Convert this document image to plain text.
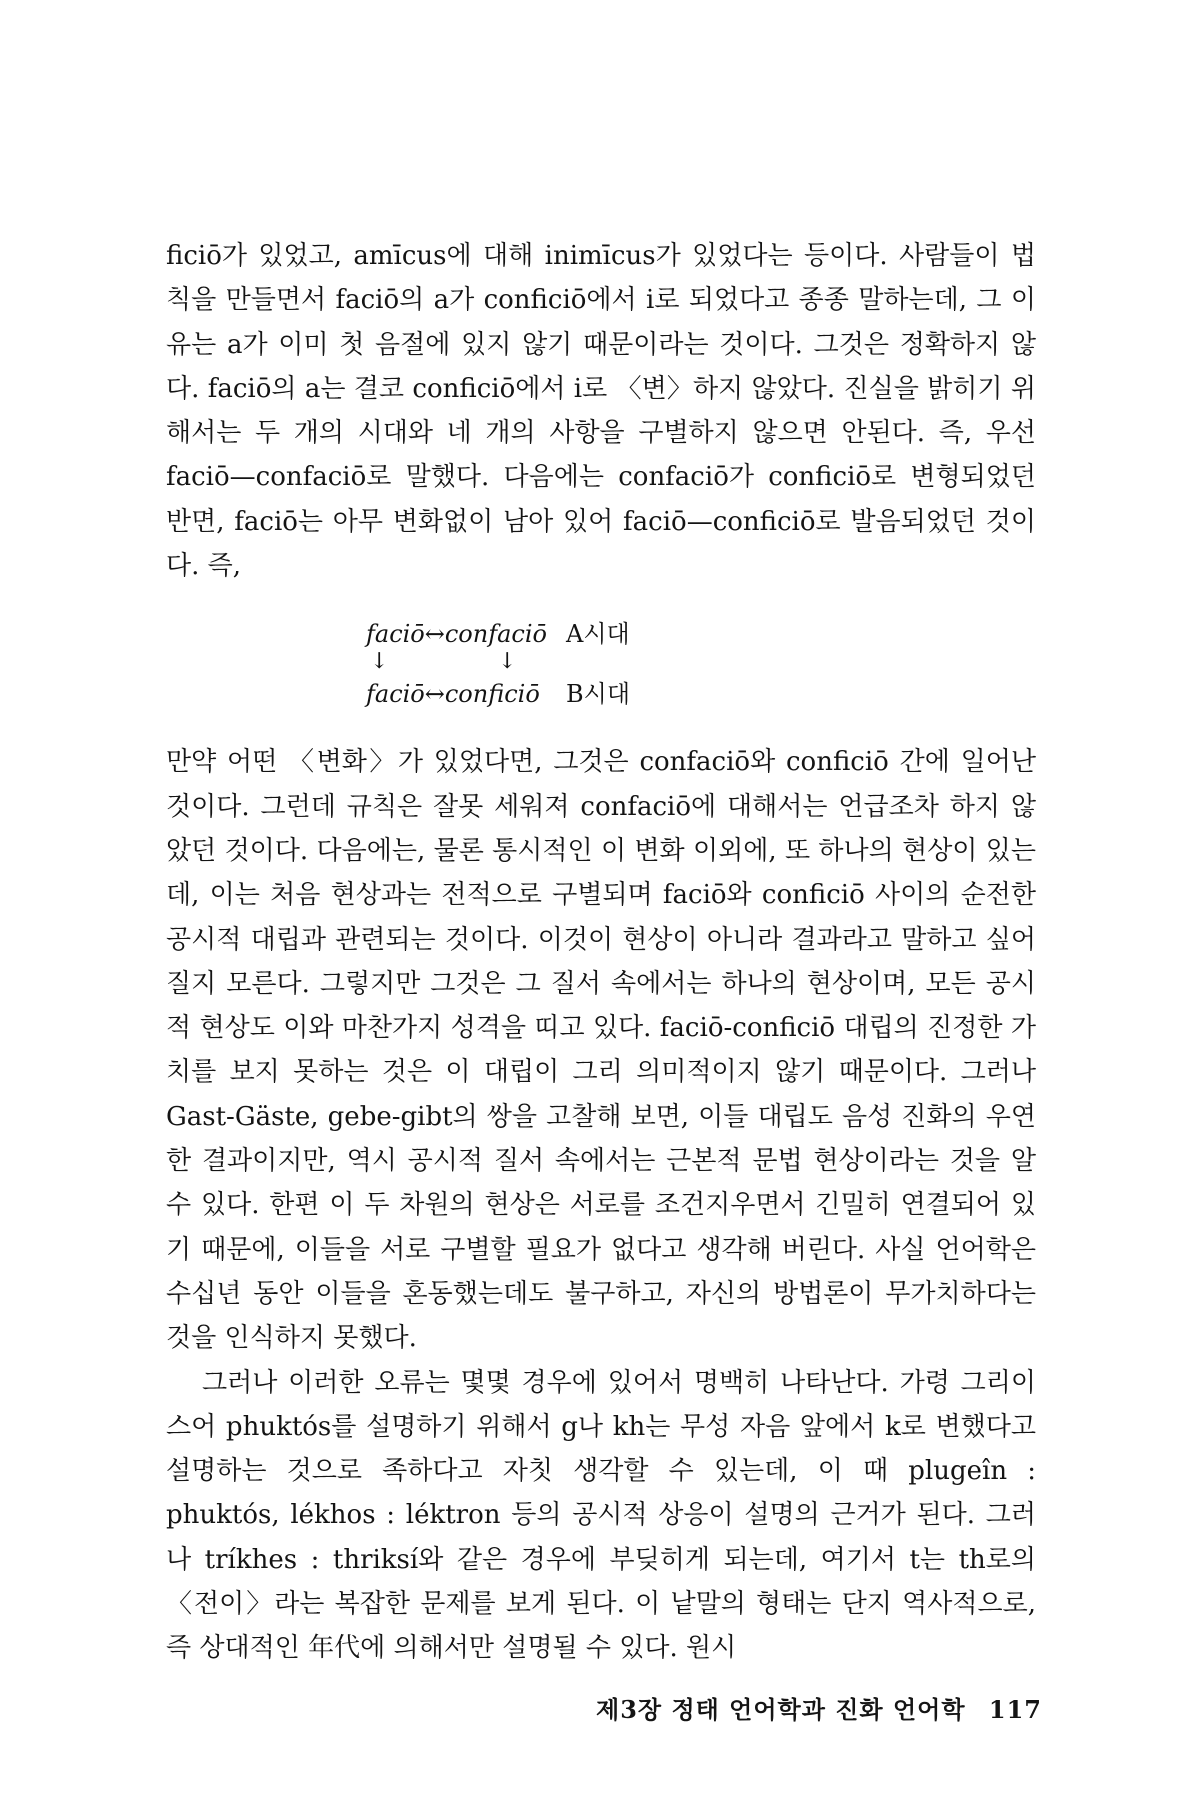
ficiō가 있었고, amīcus에 대해 inimīcus가 있었다는 등이다. 사람들이 법칙을 만들면서 faciō의 a가 conficiō에서 i로 되었다고 종종 말하는데, 그 이유는 a가 이미 첫 음절에 있지 않기 때문이라는 것이다. 그것은 정확하지 않다. faciō의 a는 결코 conficiō에서 i로 〈변〉하지 않았다. 진실을 밝히기 위해서는 두 개의 시대와 네 개의 사항을 구별하지 않으면 안된다. 즉, 우선 faciō—confaciō로 말했다. 다음에는 confaciō가 conficiō로 변형되었던 반면, faciō는 아무 변화없이 남아 있어 faciō—conficiō로 발음되었던 것이다. 즉,

faciō↔confaciō A시대
↓	↓
faciō↔conficiō B시대

만약 어떤 〈변화〉가 있었다면, 그것은 confaciō와 conficiō 간에 일어난 것이다. 그런데 규칙은 잘못 세워져 confaciō에 대해서는 언급조차 하지 않았던 것이다. 다음에는, 물론 통시적인 이 변화 이외에, 또 하나의 현상이 있는데, 이는 처음 현상과는 전적으로 구별되며 faciō와 conficiō 사이의 순전한 공시적 대립과 관련되는 것이다. 이것이 현상이 아니라 결과라고 말하고 싶어질지 모른다. 그렇지만 그것은 그 질서 속에서는 하나의 현상이며, 모든 공시적 현상도 이와 마찬가지 성격을 띠고 있다. faciō-conficiō 대립의 진정한 가치를 보지 못하는 것은 이 대립이 그리 의미적이지 않기 때문이다. 그러나 Gast-Gäste, gebe-gibt의 쌍을 고찰해 보면, 이들 대립도 음성 진화의 우연한 결과이지만, 역시 공시적 질서 속에서는 근본적 문법 현상이라는 것을 알 수 있다. 한편 이 두 차원의 현상은 서로를 조건지우면서 긴밀히 연결되어 있기 때문에, 이들을 서로 구별할 필요가 없다고 생각해 버린다. 사실 언어학은 수십년 동안 이들을 혼동했는데도 불구하고, 자신의 방법론이 무가치하다는 것을 인식하지 못했다.

그러나 이러한 오류는 몇몇 경우에 있어서 명백히 나타난다. 가령 그리이스어 phuktós를 설명하기 위해서 g나 kh는 무성 자음 앞에서 k로 변했다고 설명하는 것으로 족하다고 자칫 생각할 수 있는데, 이 때 plugeîn : phuktós, lékhos : léktron 등의 공시적 상응이 설명의 근거가 된다. 그러나 tríkhes : thriksí와 같은 경우에 부딪히게 되는데, 여기서 t는 th로의 〈전이〉라는 복잡한 문제를 보게 된다. 이 낱말의 형태는 단지 역사적으로, 즉 상대적인 年代에 의해서만 설명될 수 있다. 원시

제3장 정태 언어학과 진화 언어학 117
